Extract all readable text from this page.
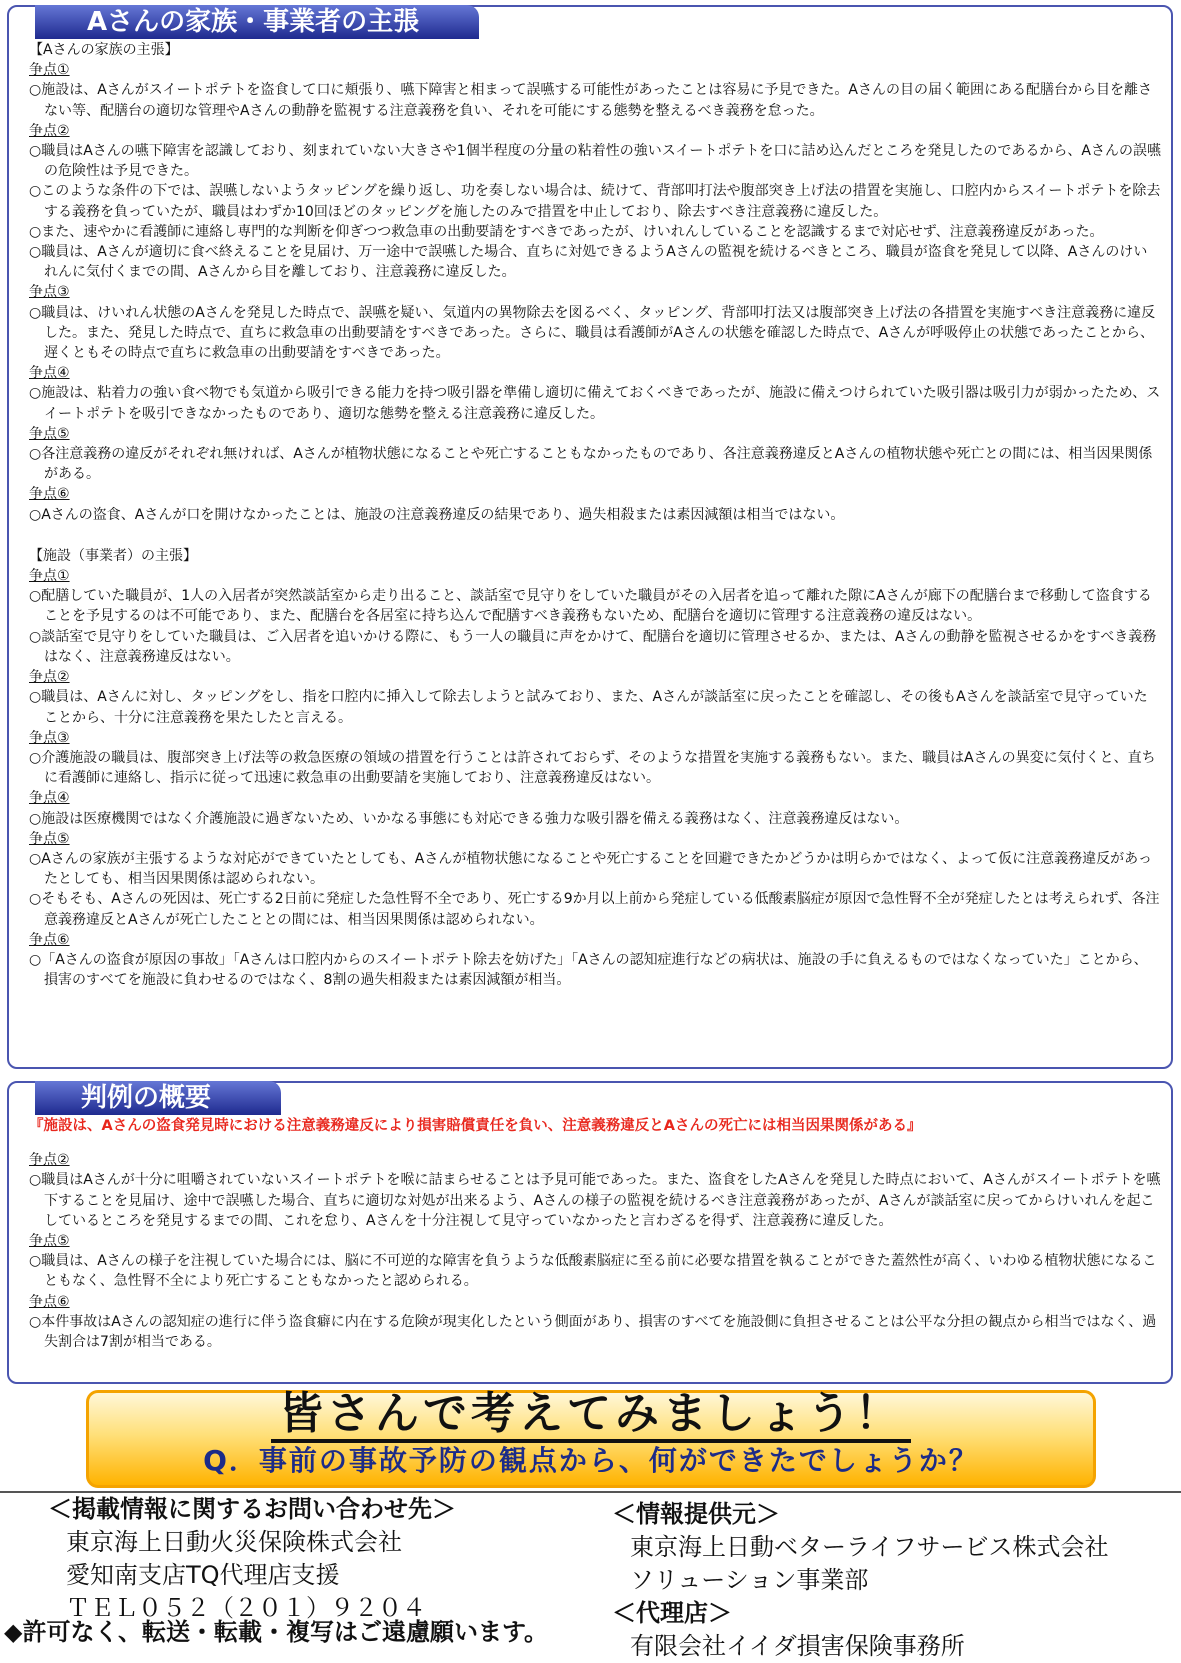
Aさんの家族・事業者の主張

【Aさんの家族の主張】

争点①

○施設は、Aさんがスイートポテトを盗食して口に頬張り、嚥下障害と相まって誤嚥する可能性があったことは容易に予見できた。Aさんの目の届く範囲にある配膳台から目を離さない等、配膳台の適切な管理やAさんの動静を監視する注意義務を負い、それを可能にする態勢を整えるべき義務を怠った。

争点②

○職員はAさんの嚥下障害を認識しており、刻まれていない大きさや1個半程度の分量の粘着性の強いスイートポテトを口に詰め込んだところを発見したのであるから、Aさんの誤嚥の危険性は予見できた。

○このような条件の下では、誤嚥しないようタッピングを繰り返し、功を奏しない場合は、続けて、背部叩打法や腹部突き上げ法の措置を実施し、口腔内からスイートポテトを除去する義務を負っていたが、職員はわずか10回ほどのタッピングを施したのみで措置を中止しており、除去すべき注意義務に違反した。

○また、速やかに看護師に連絡し専門的な判断を仰ぎつつ救急車の出動要請をすべきであったが、けいれんしていることを認識するまで対応せず、注意義務違反があった。

○職員は、Aさんが適切に食べ終えることを見届け、万一途中で誤嚥した場合、直ちに対処できるようAさんの監視を続けるべきところ、職員が盗食を発見して以降、Aさんのけいれんに気付くまでの間、Aさんから目を離しており、注意義務に違反した。

争点③

○職員は、けいれん状態のAさんを発見した時点で、誤嚥を疑い、気道内の異物除去を図るべく、タッピング、背部叩打法又は腹部突き上げ法の各措置を実施すべき注意義務に違反した。また、発見した時点で、直ちに救急車の出動要請をすべきであった。さらに、職員は看護師がAさんの状態を確認した時点で、Aさんが呼吸停止の状態であったことから、遅くともその時点で直ちに救急車の出動要請をすべきであった。

争点④

○施設は、粘着力の強い食べ物でも気道から吸引できる能力を持つ吸引器を準備し適切に備えておくべきであったが、施設に備えつけられていた吸引器は吸引力が弱かったため、スイートポテトを吸引できなかったものであり、適切な態勢を整える注意義務に違反した。

争点⑤

○各注意義務の違反がそれぞれ無ければ、Aさんが植物状態になることや死亡することもなかったものであり、各注意義務違反とAさんの植物状態や死亡との間には、相当因果関係がある。

争点⑥

○Aさんの盗食、Aさんが口を開けなかったことは、施設の注意義務違反の結果であり、過失相殺または素因減額は相当ではない。

【施設（事業者）の主張】

争点①

○配膳していた職員が、1人の入居者が突然談話室から走り出ること、談話室で見守りをしていた職員がその入居者を追って離れた隙にAさんが廊下の配膳台まで移動して盗食することを予見するのは不可能であり、また、配膳台を各居室に持ち込んで配膳すべき義務もないため、配膳台を適切に管理する注意義務の違反はない。

○談話室で見守りをしていた職員は、ご入居者を追いかける際に、もう一人の職員に声をかけて、配膳台を適切に管理させるか、または、Aさんの動静を監視させるかをすべき義務はなく、注意義務違反はない。

争点②

○職員は、Aさんに対し、タッピングをし、指を口腔内に挿入して除去しようと試みており、また、Aさんが談話室に戻ったことを確認し、その後もAさんを談話室で見守っていたことから、十分に注意義務を果たしたと言える。

争点③

○介護施設の職員は、腹部突き上げ法等の救急医療の領域の措置を行うことは許されておらず、そのような措置を実施する義務もない。また、職員はAさんの異変に気付くと、直ちに看護師に連絡し、指示に従って迅速に救急車の出動要請を実施しており、注意義務違反はない。

争点④

○施設は医療機関ではなく介護施設に過ぎないため、いかなる事態にも対応できる強力な吸引器を備える義務はなく、注意義務違反はない。

争点⑤

○Aさんの家族が主張するような対応ができていたとしても、Aさんが植物状態になることや死亡することを回避できたかどうかは明らかではなく、よって仮に注意義務違反があったとしても、相当因果関係は認められない。

○そもそも、Aさんの死因は、死亡する2日前に発症した急性腎不全であり、死亡する9か月以上前から発症している低酸素脳症が原因で急性腎不全が発症したとは考えられず、各注意義務違反とAさんが死亡したこととの間には、相当因果関係は認められない。

争点⑥

○「Aさんの盗食が原因の事故」「Aさんは口腔内からのスイートポテト除去を妨げた」「Aさんの認知症進行などの病状は、施設の手に負えるものではなくなっていた」ことから、損害のすべてを施設に負わせるのではなく、8割の過失相殺または素因減額が相当。

判例の概要

『施設は、Aさんの盗食発見時における注意義務違反により損害賠償責任を負い、注意義務違反とAさんの死亡には相当因果関係がある』

争点②

○職員はAさんが十分に咀嚼されていないスイートポテトを喉に詰まらせることは予見可能であった。また、盗食をしたAさんを発見した時点において、Aさんがスイートポテトを嚥下することを見届け、途中で誤嚥した場合、直ちに適切な対処が出来るよう、Aさんの様子の監視を続けるべき注意義務があったが、Aさんが談話室に戻ってからけいれんを起こしているところを発見するまでの間、これを怠り、Aさんを十分注視して見守っていなかったと言わざるを得ず、注意義務に違反した。

争点⑤

○職員は、Aさんの様子を注視していた場合には、脳に不可逆的な障害を負うような低酸素脳症に至る前に必要な措置を執ることができた蓋然性が高く、いわゆる植物状態になることもなく、急性腎不全により死亡することもなかったと認められる。

争点⑥

○本件事故はAさんの認知症の進行に伴う盗食癖に内在する危険が現実化したという側面があり、損害のすべてを施設側に負担させることは公平な分担の観点から相当ではなく、過失割合は7割が相当である。

皆さんで考えてみましょう！
Q．事前の事故予防の観点から、何ができたでしょうか？
＜掲載情報に関するお問い合わせ先＞
東京海上日動火災保険株式会社
愛知南支店TQ代理店支援
ＴＥＬ０５２（２０１）９２０４
＜情報提供元＞
東京海上日動ベターライフサービス株式会社
ソリューション事業部
＜代理店＞
有限会社イイダ損害保険事務所
◆許可なく、転送・転載・複写はご遠慮願います。
